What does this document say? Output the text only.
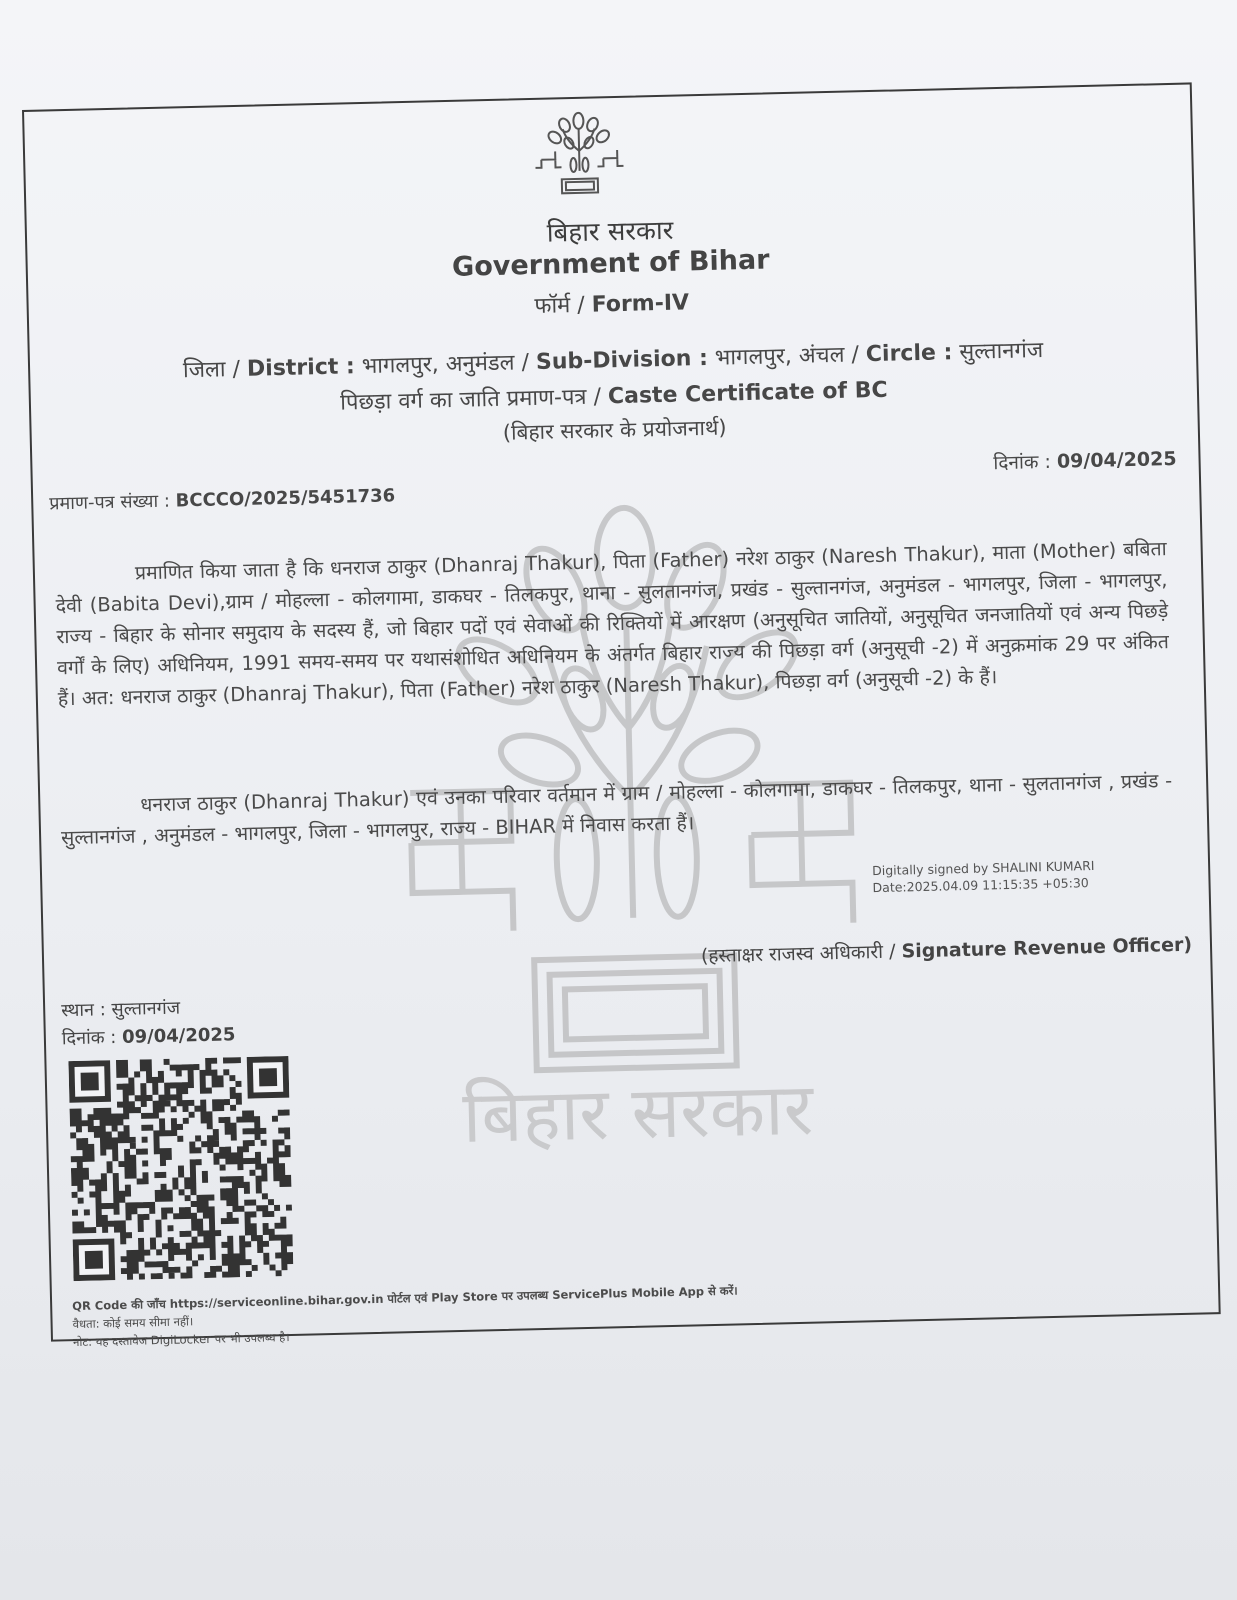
बिहार सरकार
बिहार सरकार
Government of Bihar
फॉर्म / Form-IV
जिला / District : भागलपुर, अनुमंडल / Sub-Division : भागलपुर, अंचल / Circle : सुल्तानगंज
पिछड़ा वर्ग का जाति प्रमाण-पत्र / Caste Certificate of BC
(बिहार सरकार के प्रयोजनार्थ)
दिनांक : 09/04/2025
प्रमाण-पत्र संख्या : BCCCO/2025/5451736
प्रमाणित किया जाता है कि धनराज ठाकुर (Dhanraj Thakur), पिता (Father) नरेश ठाकुर (Naresh Thakur), माता (Mother) बबिता देवी (Babita Devi),ग्राम / मोहल्ला - कोलगामा, डाकघर - तिलकपुर, थाना - सुलतानगंज, प्रखंड - सुल्तानगंज, अनुमंडल - भागलपुर, जिला - भागलपुर, राज्य - बिहार के सोनार समुदाय के सदस्य हैं, जो बिहार पदों एवं सेवाओं की रिक्तियों में आरक्षण (अनुसूचित जातियों, अनुसूचित जनजातियों एवं अन्य पिछड़े वर्गों के लिए) अधिनियम, 1991 समय-समय पर यथासंशोधित अधिनियम के अंतर्गत बिहार राज्य की पिछड़ा वर्ग (अनुसूची -2) में अनुक्रमांक 29 पर अंकित हैं। अत: धनराज ठाकुर (Dhanraj Thakur), पिता (Father) नरेश ठाकुर (Naresh Thakur), पिछड़ा वर्ग (अनुसूची -2) के हैं।
धनराज ठाकुर (Dhanraj Thakur) एवं उनका परिवार वर्तमान में ग्राम / मोहल्ला - कोलगामा, डाकघर - तिलकपुर, थाना - सुलतानगंज , प्रखंड - सुल्तानगंज , अनुमंडल - भागलपुर, जिला - भागलपुर, राज्य - BIHAR में निवास करता हैं।
Digitally signed by SHALINI KUMARI
Date:2025.04.09 11:15:35 +05:30
(हस्ताक्षर राजस्व अधिकारी / Signature Revenue Officer)
स्थान : सुल्तानगंज
दिनांक : 09/04/2025
QR Code की जाँच https://serviceonline.bihar.gov.in पोर्टल एवं Play Store पर उपलब्ध ServicePlus Mobile App से करें।
वैधता: कोई समय सीमा नहीं।
नोट: यह दस्तावेज DigiLocker पर भी उपलब्ध है।
